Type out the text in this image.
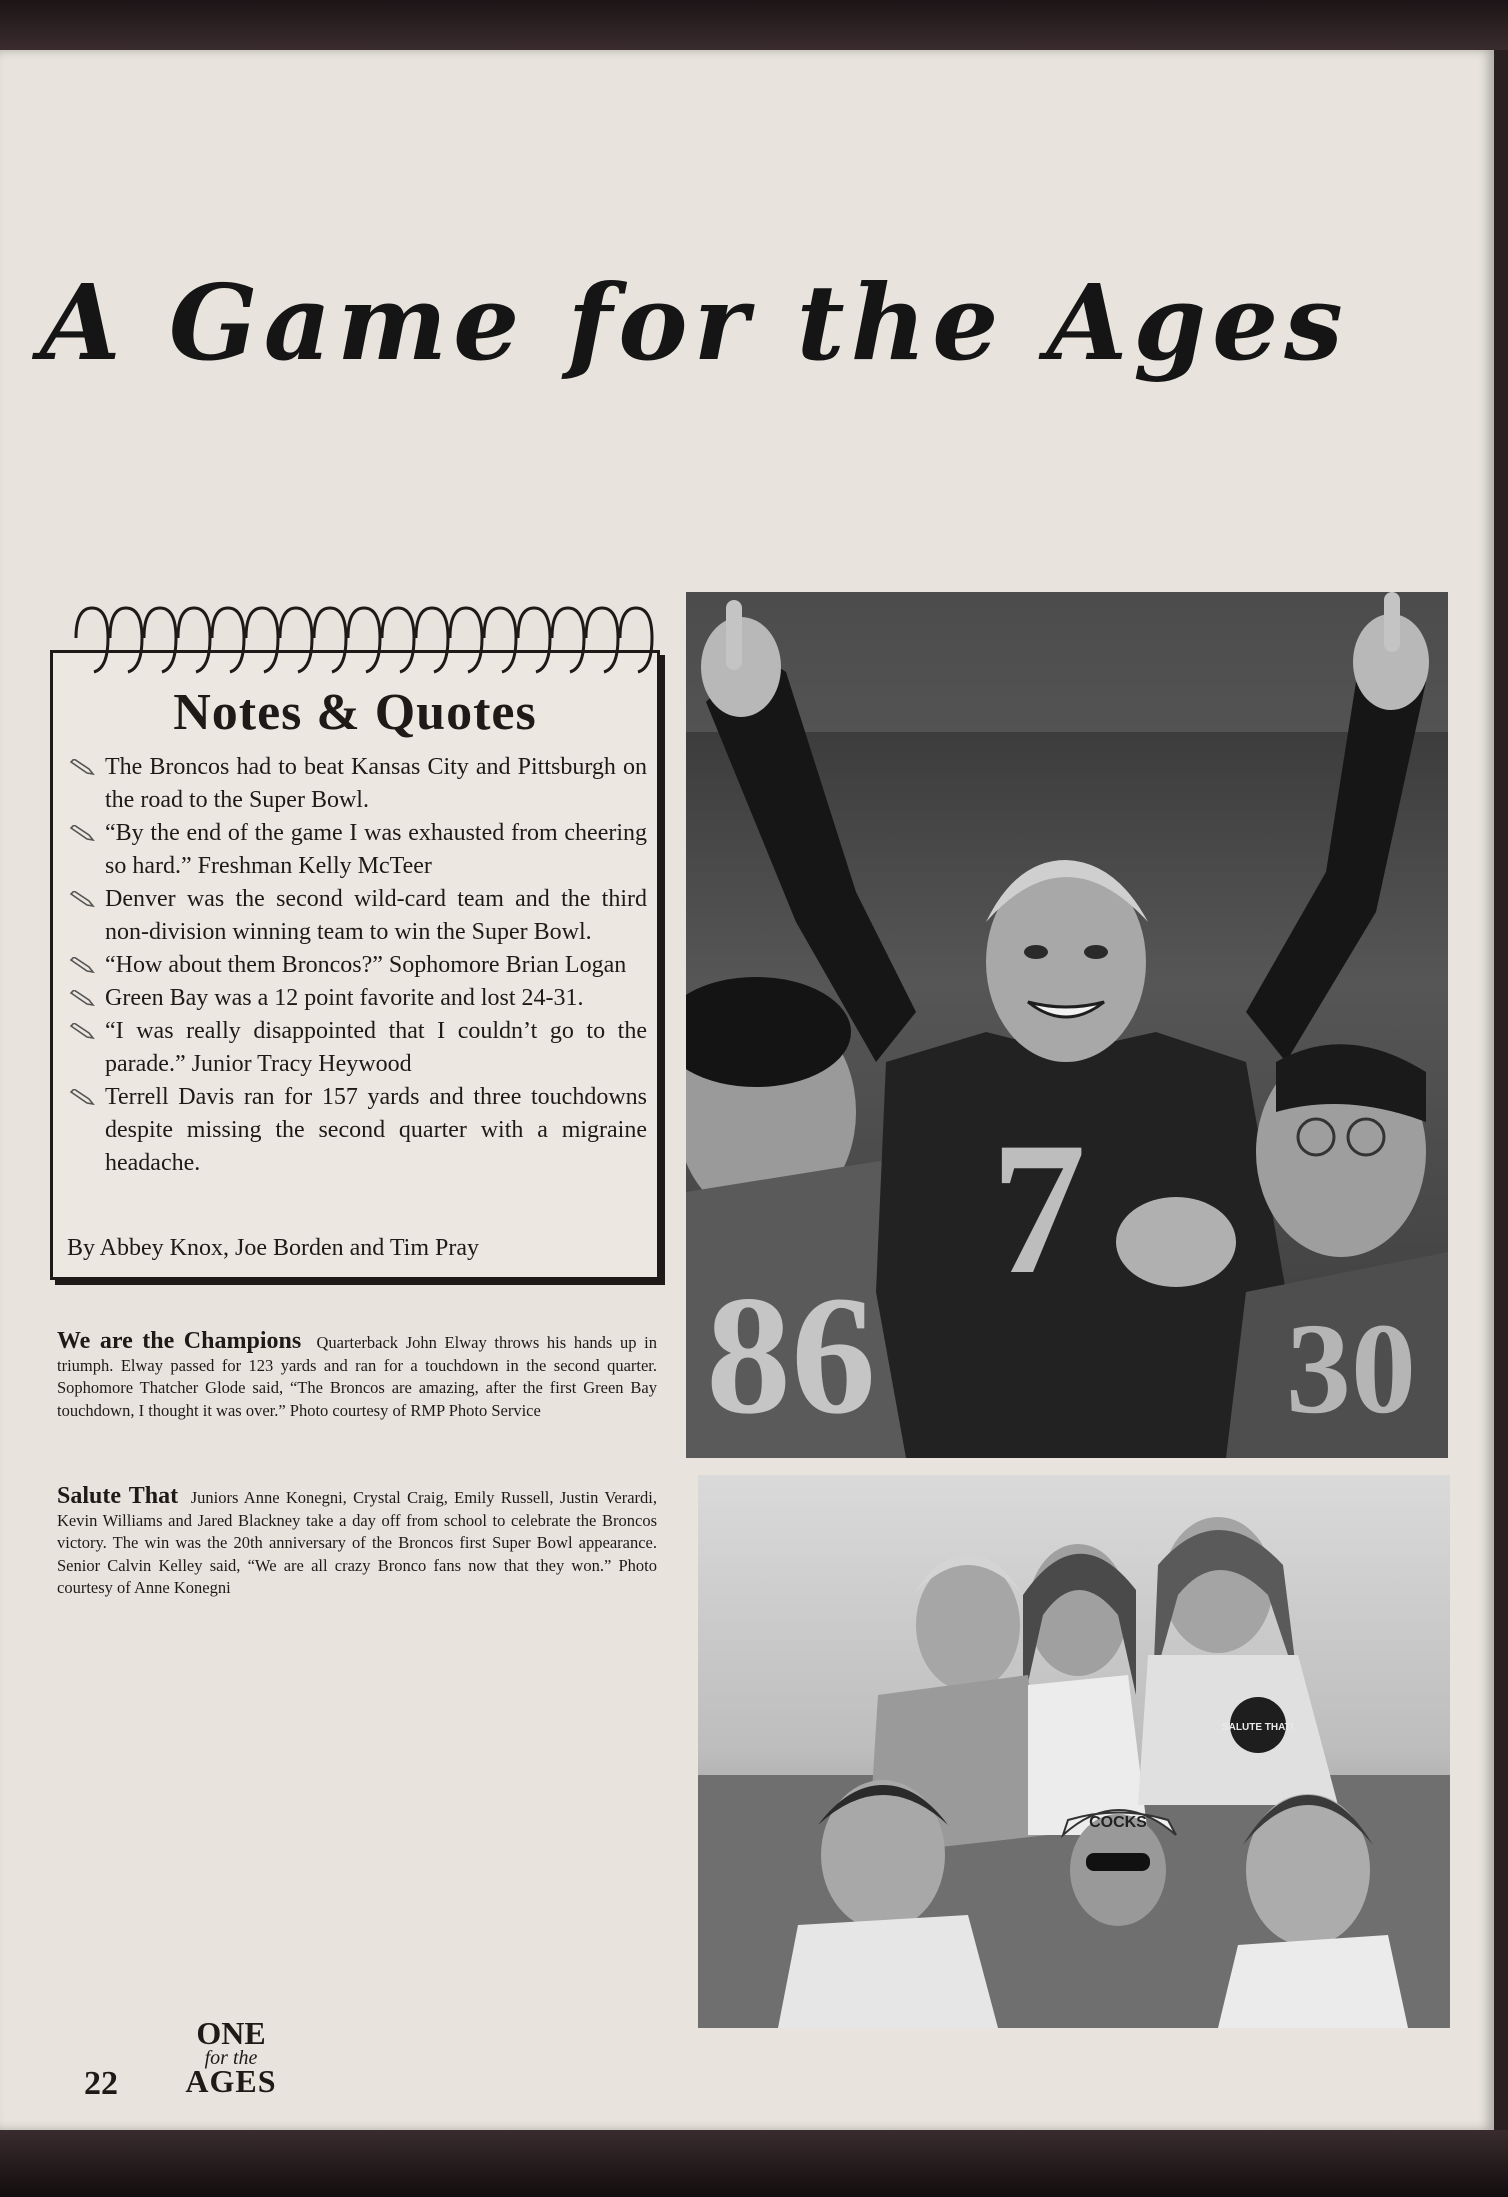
A Game for the Ages
Notes & Quotes
The Broncos had to beat Kansas City and Pittsburgh on the road to the Super Bowl.
“By the end of the game I was exhausted from cheering so hard.” Freshman Kelly McTeer
Denver was the second wild-card team and the third non-division winning team to win the Super Bowl.
“How about them Broncos?” Sophomore Brian Logan
Green Bay was a 12 point favorite and lost 24-31.
“I was really disappointed that I couldn’t go to the parade.” Junior Tracy Heywood
Terrell Davis ran for 157 yards and three touchdowns despite missing the second quarter with a migraine headache.

By Abbey Knox, Joe Borden and Tim Pray

We are the Champions Quarterback John Elway throws his hands up in triumph. Elway passed for 123 yards and ran for a touchdown in the second quarter. Sophomore Thatcher Glode said, “The Broncos are amazing, after the first Green Bay touchdown, I thought it was over.” Photo courtesy of RMP Photo Service

Salute That Juniors Anne Konegni, Crystal Craig, Emily Russell, Justin Verardi, Kevin Williams and Jared Blackney take a day off from school to celebrate the Broncos victory. The win was the 20th anniversary of the Broncos first Super Bowl appearance. Senior Calvin Kelley said, “We are all crazy Bronco fans now that they won.” Photo courtesy of Anne Konegni

86
7
30
SALUTE THAT!
COCKS

22

ONE
for the
AGES
